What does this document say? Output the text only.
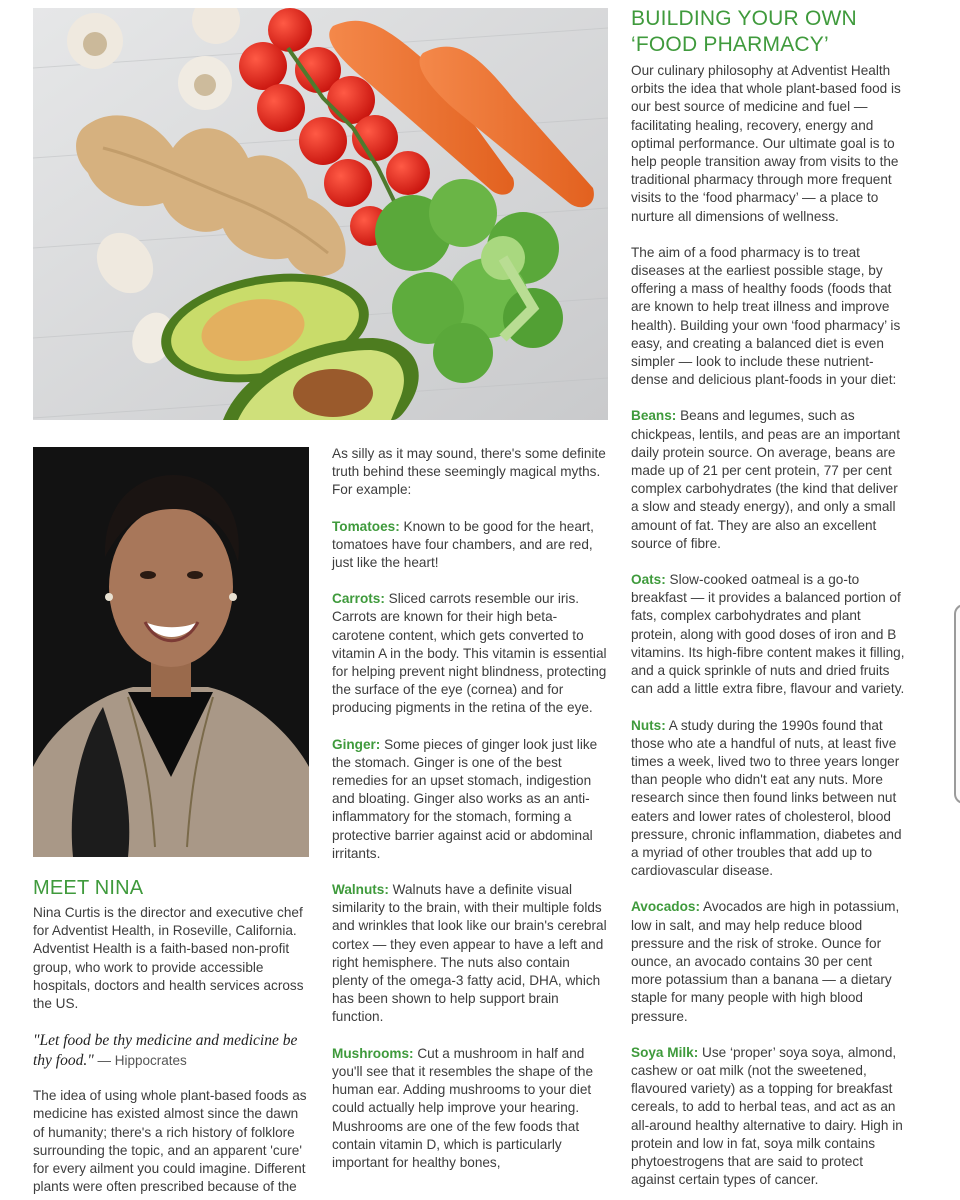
MEET NINA

Nina Curtis is the director and executive chef for Adventist Health, in Roseville, California. Adventist Health is a faith-based non-profit group, who work to provide accessible hospitals, doctors and health services across the US.

"Let food be thy medicine and medicine be thy food." — Hippocrates

The idea of using whole plant-based foods as medicine has existed almost since the dawn of humanity; there's a rich history of folklore surrounding the topic, and an apparent 'cure' for every ailment you could imagine. Different plants were often prescribed because of the

As silly as it may sound, there's some definite truth behind these seemingly magical myths. For example:

Tomatoes: Known to be good for the heart, tomatoes have four chambers, and are red, just like the heart!

Carrots: Sliced carrots resemble our iris. Carrots are known for their high beta-carotene content, which gets converted to vitamin A in the body. This vitamin is essential for helping prevent night blindness, protecting the surface of the eye (cornea) and for producing pigments in the retina of the eye.

Ginger: Some pieces of ginger look just like the stomach. Ginger is one of the best remedies for an upset stomach, indigestion and bloating. Ginger also works as an anti-inflammatory for the stomach, forming a protective barrier against acid or abdominal irritants.

Walnuts: Walnuts have a definite visual similarity to the brain, with their multiple folds and wrinkles that look like our brain's cerebral cortex — they even appear to have a left and right hemisphere. The nuts also contain plenty of the omega-3 fatty acid, DHA, which has been shown to help support brain function.

Mushrooms: Cut a mushroom in half and you'll see that it resembles the shape of the human ear. Adding mushrooms to your diet could actually help improve your hearing. Mushrooms are one of the few foods that contain vitamin D, which is particularly important for healthy bones,

BUILDING YOUR OWN
‘FOOD PHARMACY’

Our culinary philosophy at Adventist Health orbits the idea that whole plant-based food is our best source of medicine and fuel — facilitating healing, recovery, energy and optimal performance. Our ultimate goal is to help people transition away from visits to the traditional pharmacy through more frequent visits to the ‘food pharmacy’ — a place to nurture all dimensions of wellness.

The aim of a food pharmacy is to treat diseases at the earliest possible stage, by offering a mass of healthy foods (foods that are known to help treat illness and improve health). Building your own ‘food pharmacy’ is easy, and creating a balanced diet is even simpler — look to include these nutrient-dense and delicious plant-foods in your diet:

Beans: Beans and legumes, such as chickpeas, lentils, and peas are an important daily protein source. On average, beans are made up of 21 per cent protein, 77 per cent complex carbohydrates (the kind that deliver a slow and steady energy), and only a small amount of fat. They are also an excellent source of fibre.

Oats: Slow-cooked oatmeal is a go-to breakfast — it provides a balanced portion of fats, complex carbohydrates and plant protein, along with good doses of iron and B vitamins. Its high-fibre content makes it filling, and a quick sprinkle of nuts and dried fruits can add a little extra fibre, flavour and variety.

Nuts: A study during the 1990s found that those who ate a handful of nuts, at least five times a week, lived two to three years longer than people who didn't eat any nuts. More research since then found links between nut eaters and lower rates of cholesterol, blood pressure, chronic inflammation, diabetes and a myriad of other troubles that add up to cardiovascular disease.

Avocados: Avocados are high in potassium, low in salt, and may help reduce blood pressure and the risk of stroke. Ounce for ounce, an avocado contains 30 per cent more potassium than a banana — a dietary staple for many people with high blood pressure.

Soya Milk: Use ‘proper’ soya soya, almond, cashew or oat milk (not the sweetened, flavoured variety) as a topping for breakfast cereals, to add to herbal teas, and act as an all-around healthy alternative to dairy. High in protein and low in fat, soya milk contains phytoestrogens that are said to protect against certain types of cancer.
